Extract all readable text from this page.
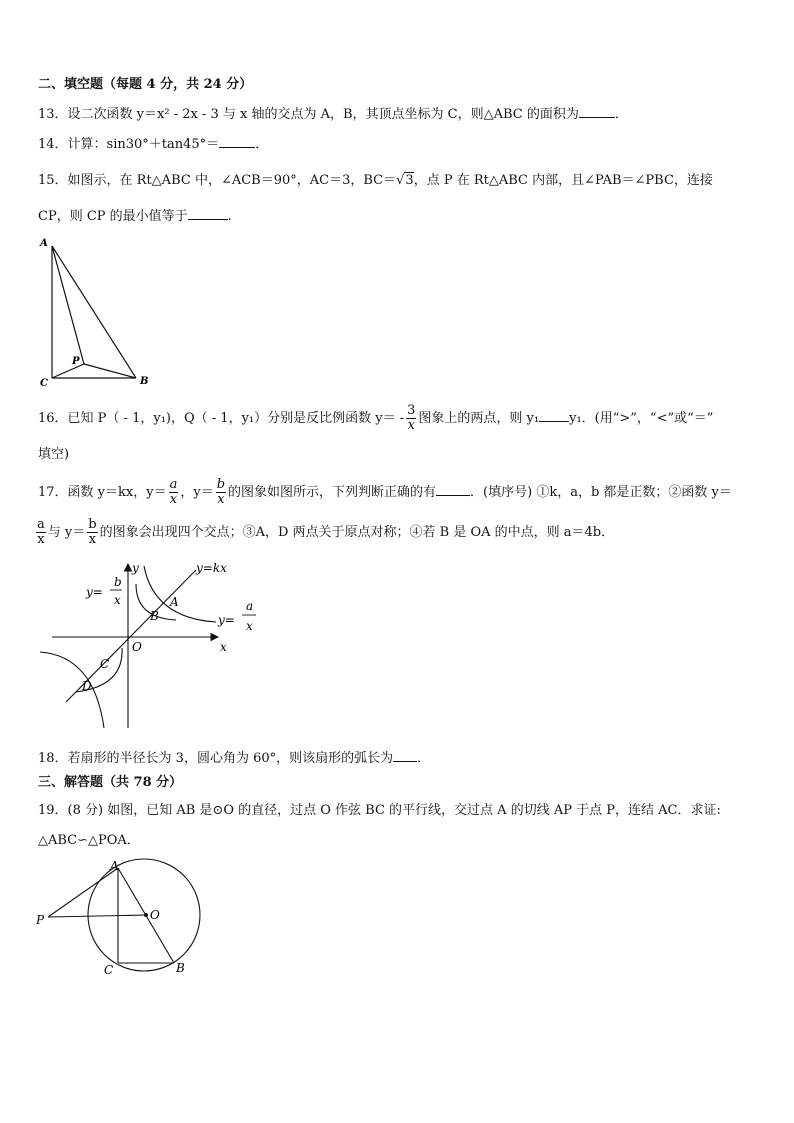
二、填空题（每题 4 分，共 24 分）
13．设二次函数 y＝x² - 2x - 3 与 x 轴的交点为 A，B，其顶点坐标为 C，则△ABC 的面积为	．
14．计算：sin30°＋tan45°＝	．
15．如图示，在 Rt△ABC 中，∠ACB＝90°，AC＝3，BC＝√3，点 P 在 Rt△ABC 内部，且∠PAB＝∠PBC，连接
CP，则 CP 的最小值等于	.
A
C	B
P
16．已知 P（ - 1，y₁)，Q（ - 1，y₁）分别是反比例函数 $y= - \frac{3}{x}$ 图象上的两点，则 y₁ y₁．(用“>”，“<”或“＝”
填空)
17．函数 y＝kx，$y= \frac{a}{x}$ ，$y= \frac{b}{x}$ 的图象如图所示，下列判断正确的有	．(填序号) ①k，a，b 都是正数；②函数 y＝
$\frac{a}{x}$ 与 $y= \frac{b}{x}$ 的图象会出现四个交点；③A，D 两点关于原点对称；④若 B 是 OA 的中点，则 a＝4b．
y=kx
y
x
O
A
B
C
D
y=
b
x
y=
a
x
18．若扇形的半径长为 3，圆心角为 60°，则该扇形的弧长为 ．
三、解答题（共 78 分）
19．(8 分) 如图，已知 AB 是⊙O 的直径，过点 O 作弦 BC 的平行线，交过点 A 的切线 AP 于点 P，连结 AC．求证:
△ABC∽△POA．
A
B
C
O
P
